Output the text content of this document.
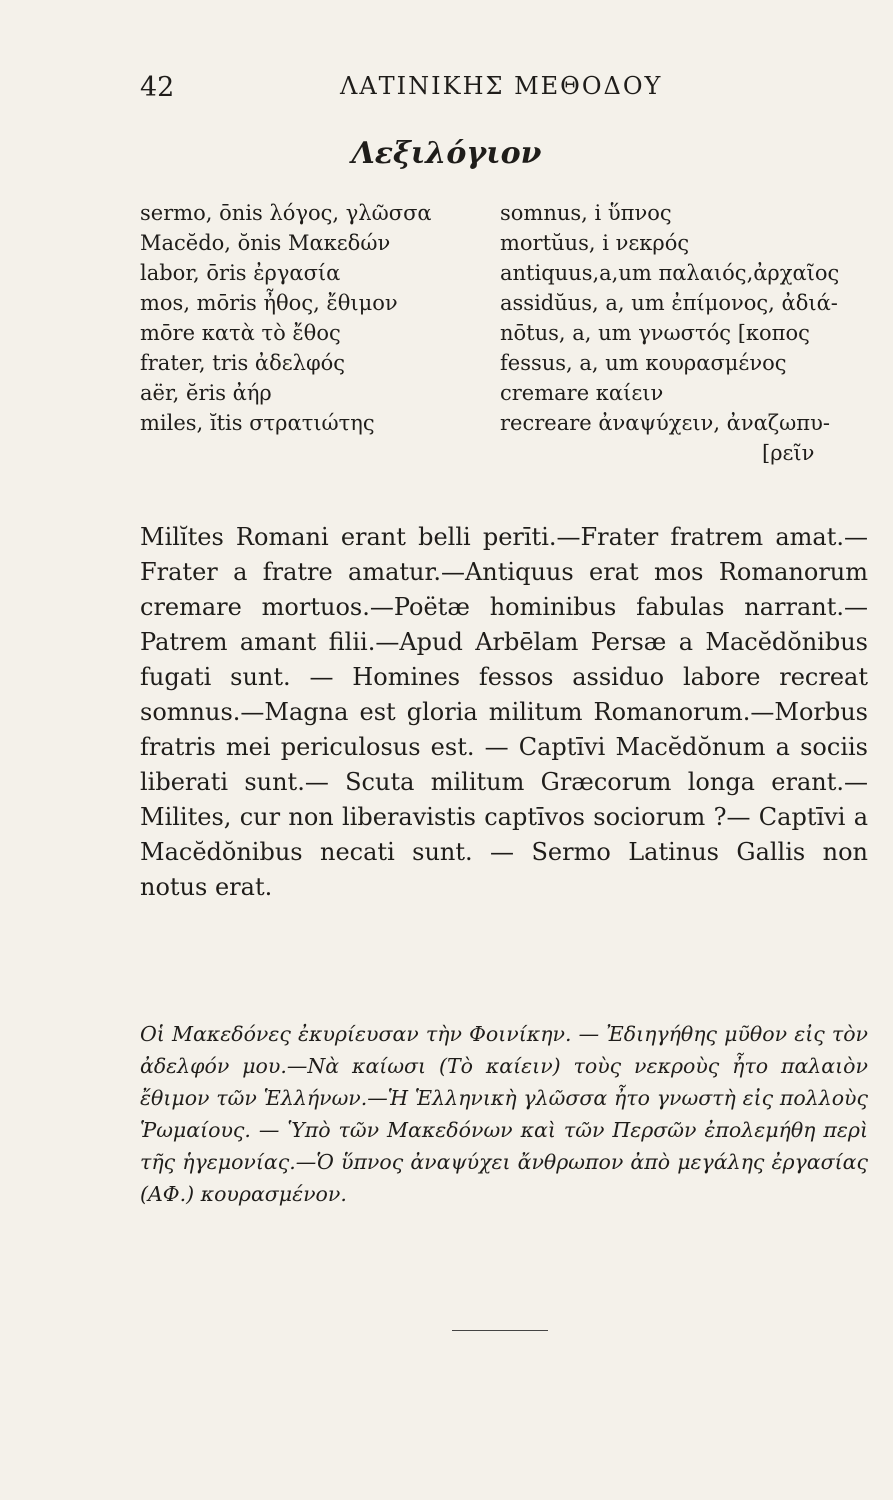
42	ΛΑΤΙΝΙΚΗΣ ΜΕΘΟΔΟΥ
Λεξιλόγιον
sermo, ōnis λόγος, γλῶσσα
Macĕdo, ŏnis Μακεδών
labor, ōris ἐργασία
mos, mōris ἦθος, ἔθιμον
mōre κατὰ τὸ ἔθος
frater, tris ἀδελφός
aër, ĕris ἀήρ
miles, ĭtis στρατιώτης
somnus, i ὕπνος
mortŭus, i νεκρός
antiquus,a,um παλαιός,ἀρχαῖος
assidŭus, a, um ἐπίμονος, ἀδιά-
nōtus, a, um γνωστός [κοπος
fessus, a, um κουρασμένος
cremare καίειν
recreare ἀναψύχειν, ἀναζωπυ-
[ρεῖν
Milĭtes Romani erant belli perīti.—Frater fratrem amat.—Frater a fratre amatur.—Antiquus erat mos Romanorum cremare mortuos.—Poëtæ hominibus fabulas narrant.—Patrem amant filii.—Apud Arbēlam Persæ a Macĕdŏnibus fugati sunt. — Homines fessos assiduo labore recreat somnus.—Magna est gloria militum Romanorum.—Morbus fratris mei periculosus est. — Captīvi Macĕdŏnum a sociis liberati sunt.— Scuta militum Græcorum longa erant.—Milites, cur non liberavistis captīvos sociorum ?— Captīvi a Macĕdŏnibus necati sunt. — Sermo Latinus Gallis non notus erat.
Οἱ Μακεδόνες ἐκυρίευσαν τὴν Φοινίκην. — Ἐδιηγήθης μῦθον εἰς τὸν ἀδελφόν μου.—Νὰ καίωσι (Τὸ καίειν) τοὺς νεκροὺς ἦτο παλαιὸν ἔθιμον τῶν Ἑλλήνων.—Ἡ Ἑλληνικὴ γλῶσσα ἦτο γνωστὴ εἰς πολλοὺς Ῥωμαίους. — Ὑπὸ τῶν Μακεδόνων καὶ τῶν Περσῶν ἐπολεμήθη περὶ τῆς ἡγεμονίας.—Ὁ ὕπνος ἀναψύχει ἄνθρωπον ἀπὸ μεγάλης ἐργασίας (ΑΦ.) κουρασμένον.
